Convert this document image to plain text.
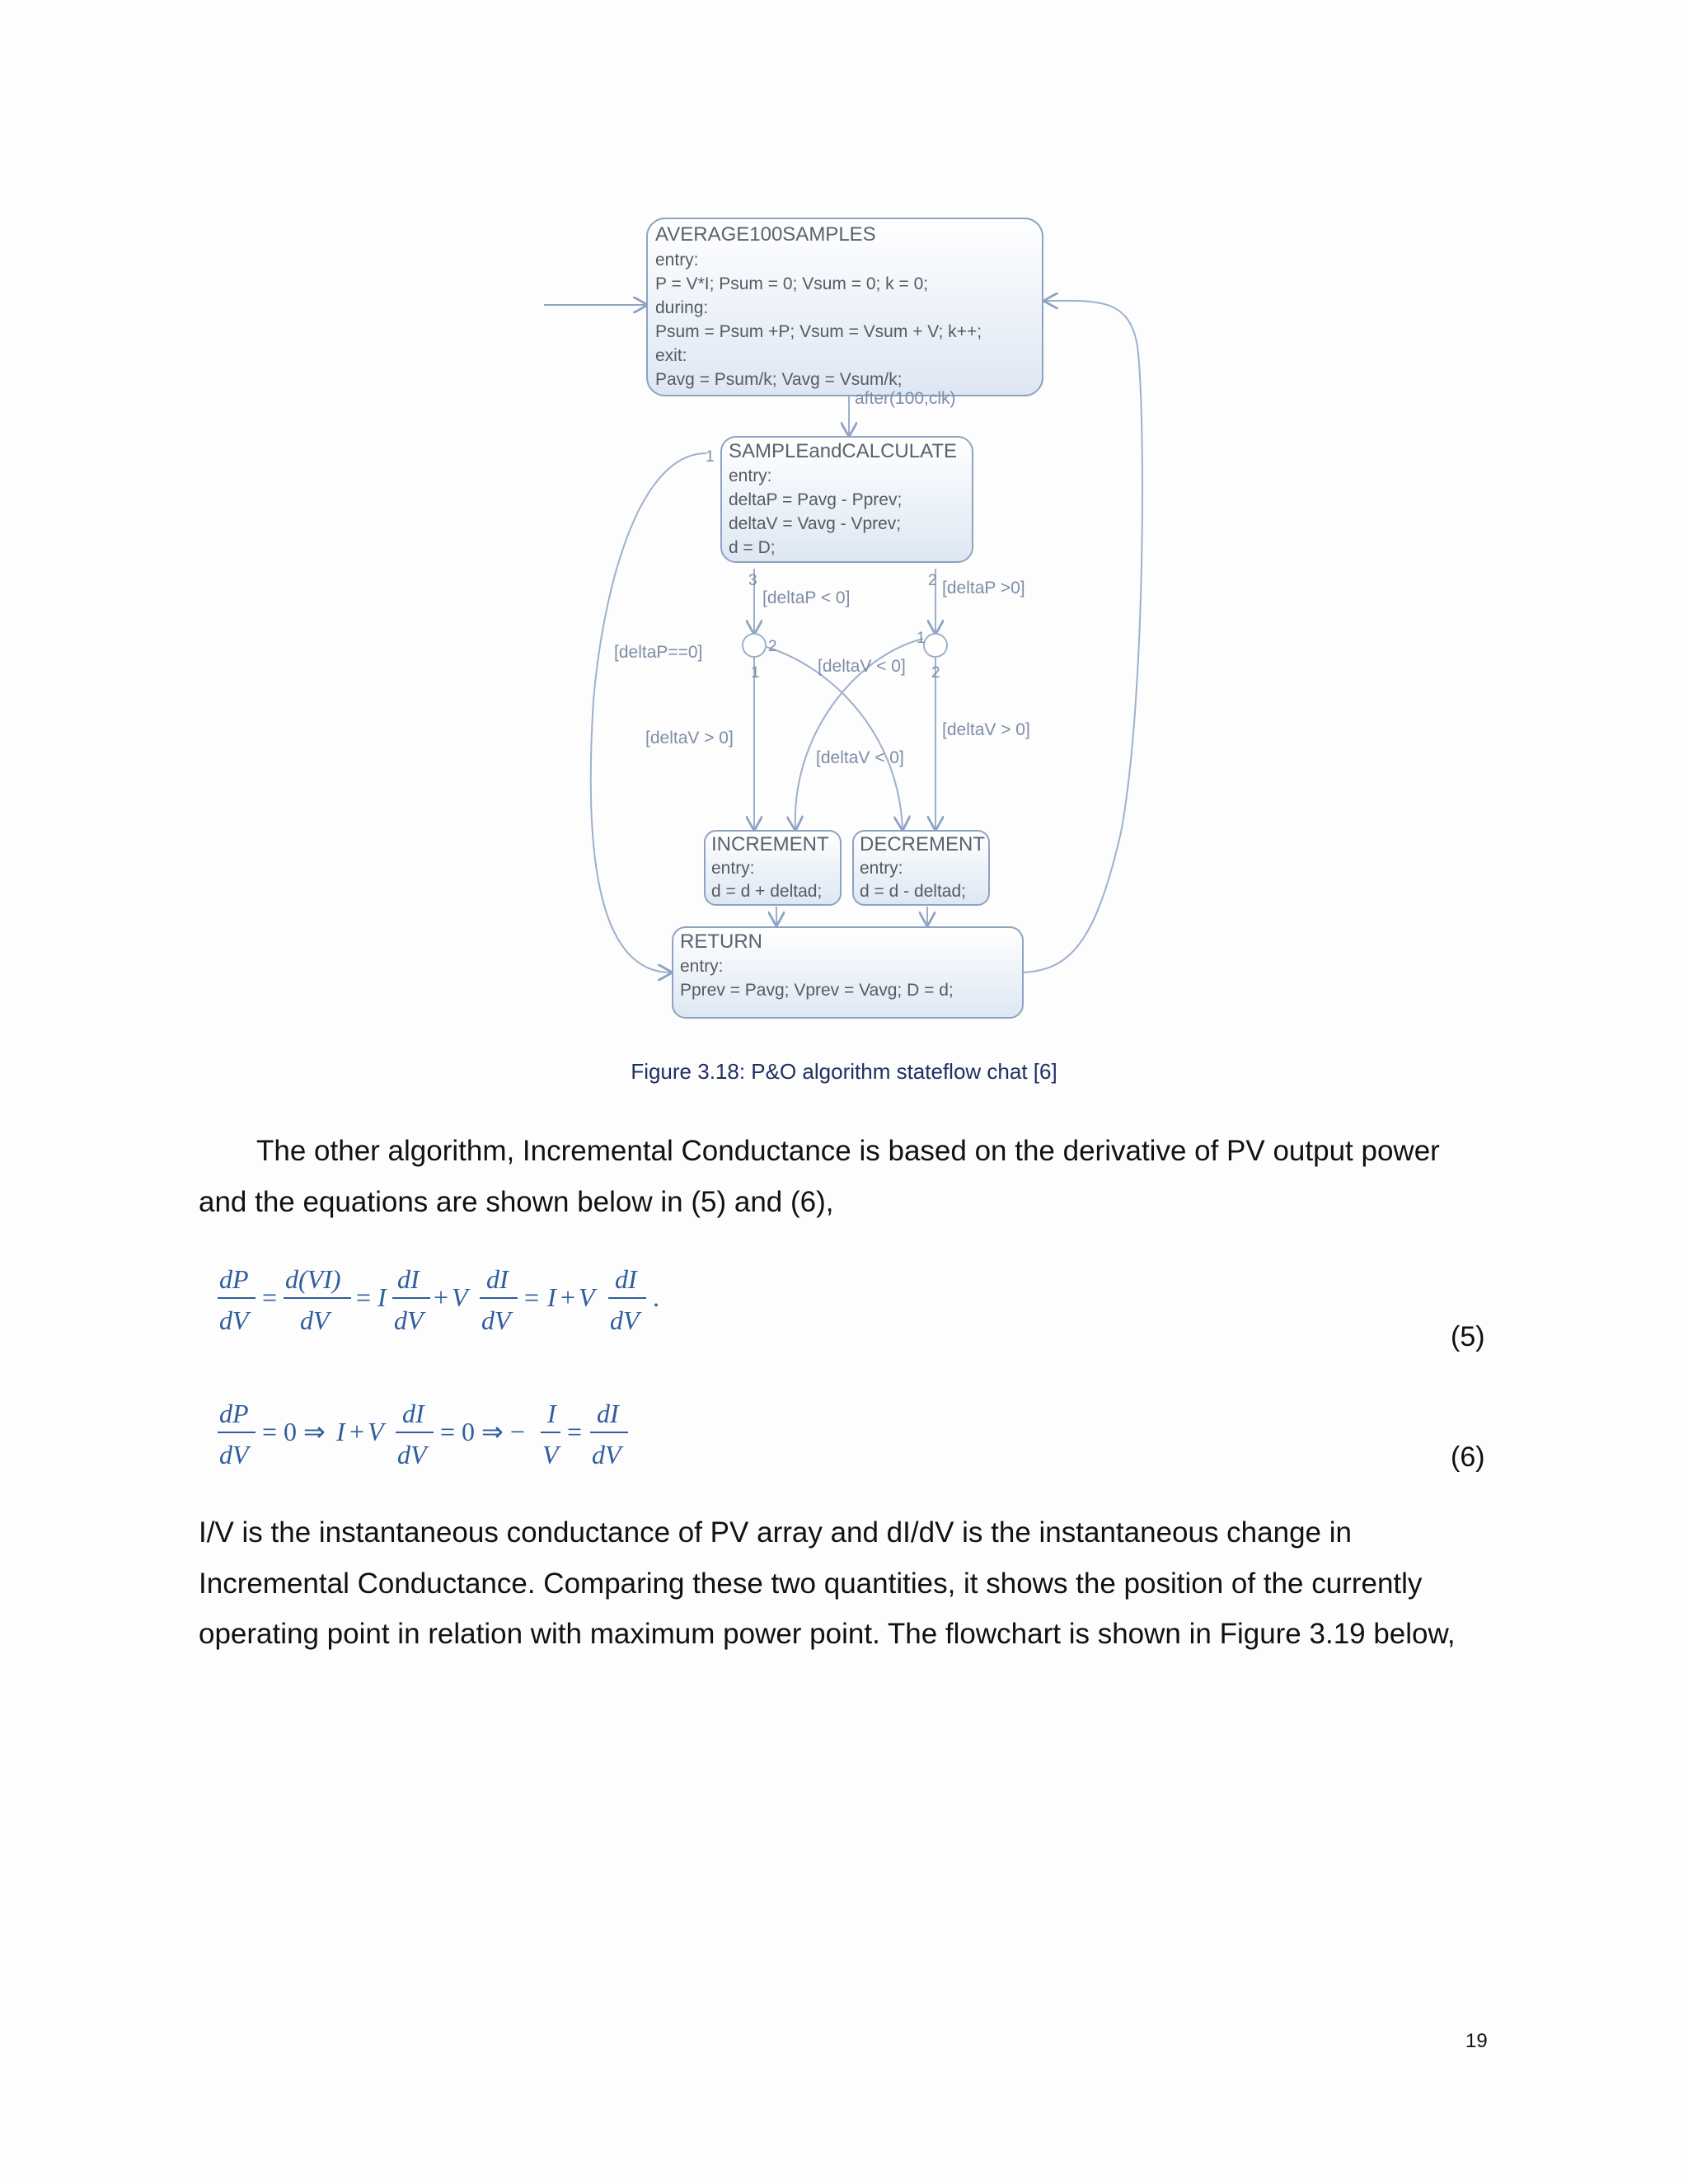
AVERAGE100SAMPLES
entry:
P = V*I; Psum = 0; Vsum = 0; k = 0;
during:
Psum = Psum +P; Vsum = Vsum + V; k++;
exit:
Pavg = Psum/k; Vavg = Vsum/k;
SAMPLEandCALCULATE
entry:
deltaP = Pavg - Pprev;
deltaV = Vavg - Vprev;
d = D;
INCREMENT
entry:
d = d + deltad;
DECREMENT
entry:
d = d - deltad;
RETURN
entry:
Pprev = Pavg; Vprev = Vavg; D = d;
after(100,clk)
[deltaP==0]
[deltaP < 0]
[deltaP >0]
[deltaV < 0]
[deltaV < 0]
[deltaV > 0]	[deltaV > 0]
1
2
3
2
1
1
2
Figure 3.18: P&O algorithm stateflow chat [6]

The other algorithm, Incremental Conductance is based on the derivative of PV output power and the equations are shown below in (5) and (6),

dP
dV
=
d(VI)
dV
= I
dI
dV
+ V
dI
dV
= I + V
dI
dV
.
(5)
dP
dV
= 0 ⇒ I + V
dI
dV
= 0 ⇒ −
I
V
=
dI
dV	(6)

I/V is the instantaneous conductance of PV array and dI/dV is the instantaneous change in Incremental Conductance. Comparing these two quantities, it shows the position of the currently operating point in relation with maximum power point. The flowchart is shown in Figure 3.19 below,

19
